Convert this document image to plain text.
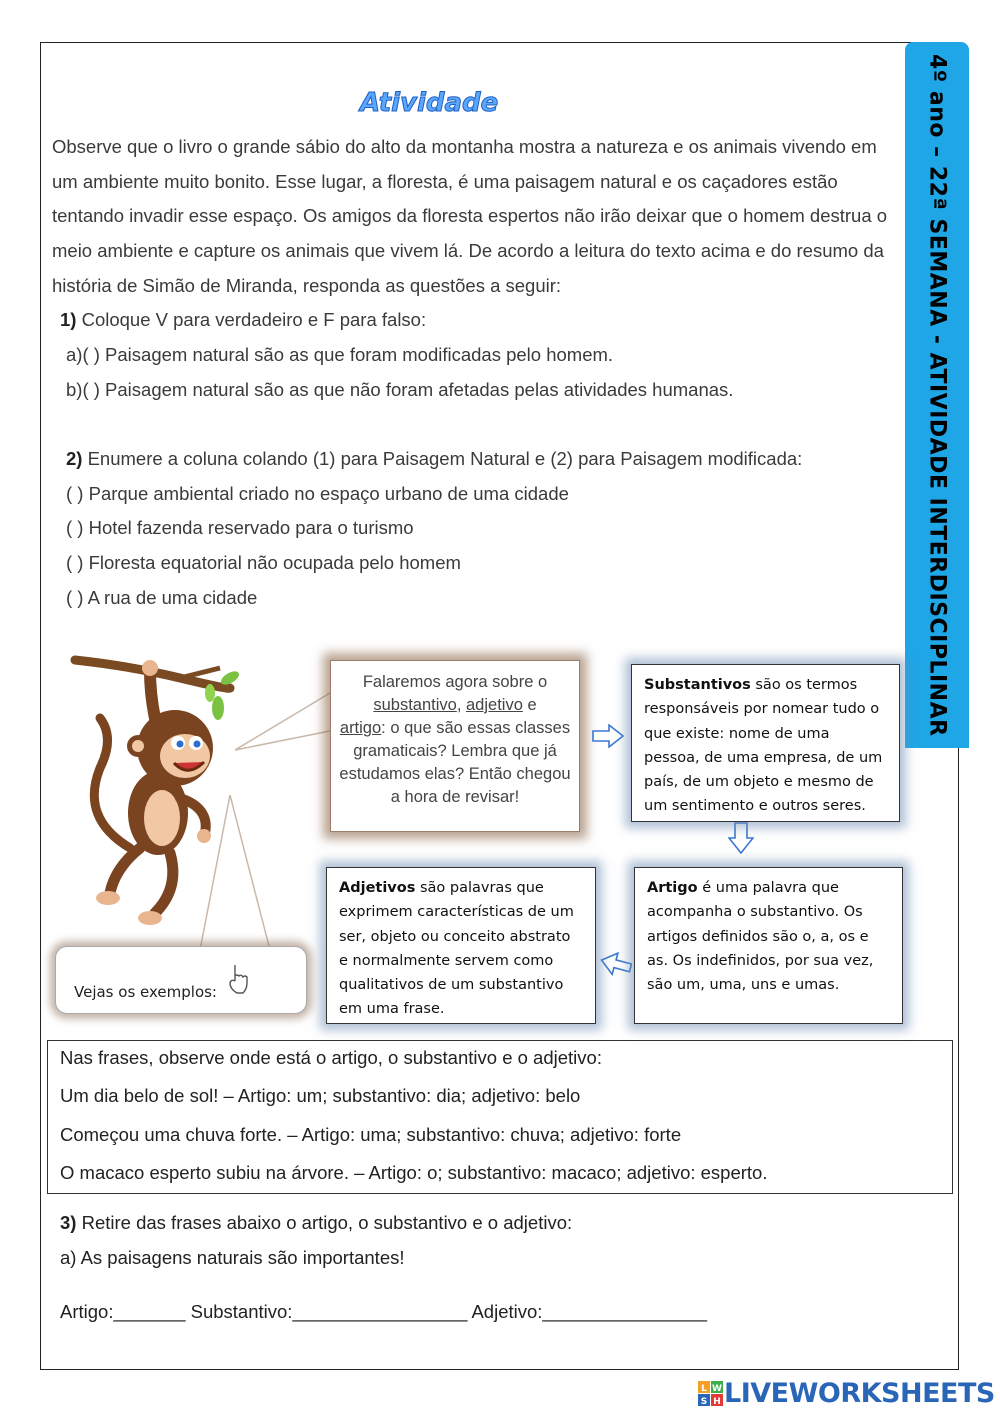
4º ano – 22ª SEMANA - ATIVIDADE INTERDISCIPLINAR
Atividade
Observe que o livro o grande sábio do alto da montanha mostra a natureza e os animais vivendo em um ambiente muito bonito. Esse lugar, a floresta, é uma paisagem natural e os caçadores estão tentando invadir esse espaço. Os amigos da floresta espertos não irão deixar que o homem destrua o meio ambiente e capture os animais que vivem lá. De acordo a leitura do texto acima e do resumo da história de Simão de Miranda, responda as questões a seguir:
1) Coloque V para verdadeiro e F para falso:
a)( ) Paisagem natural são as que foram modificadas pelo homem.
b)( ) Paisagem natural são as que não foram afetadas pelas atividades humanas.
2) Enumere a coluna colando (1) para Paisagem Natural e (2) para Paisagem modificada:
( ) Parque ambiental criado no espaço urbano de uma cidade
( ) Hotel fazenda reservado para o turismo
( ) Floresta equatorial não ocupada pelo homem
( ) A rua de uma cidade
Falaremos agora sobre o
substantivo, adjetivo e
artigo: o que são essas classes gramaticais? Lembra que já estudamos elas? Então chegou a hora de revisar!
Substantivos são os termos responsáveis por nomear tudo o que existe: nome de uma pessoa, de uma empresa, de um país, de um objeto e mesmo de um sentimento e outros seres.
Artigo é uma palavra que acompanha o substantivo. Os artigos definidos são o, a, os e as. Os indefinidos, por sua vez, são um, uma, uns e umas.
Adjetivos são palavras que exprimem características de um ser, objeto ou conceito abstrato e normalmente servem como qualitativos de um substantivo em uma frase.
Vejas os exemplos:
Nas frases, observe onde está o artigo, o substantivo e o adjetivo:
Um dia belo de sol! – Artigo: um; substantivo: dia; adjetivo: belo
Começou uma chuva forte. – Artigo: uma; substantivo: chuva; adjetivo: forte
O macaco esperto subiu na árvore. – Artigo: o; substantivo: macaco; adjetivo: esperto.
3) Retire das frases abaixo o artigo, o substantivo e o adjetivo:
a) As paisagens naturais são importantes!
Artigo:_______ Substantivo:_________________ Adjetivo:________________
L W
S H LIVEWORKSHEETS
